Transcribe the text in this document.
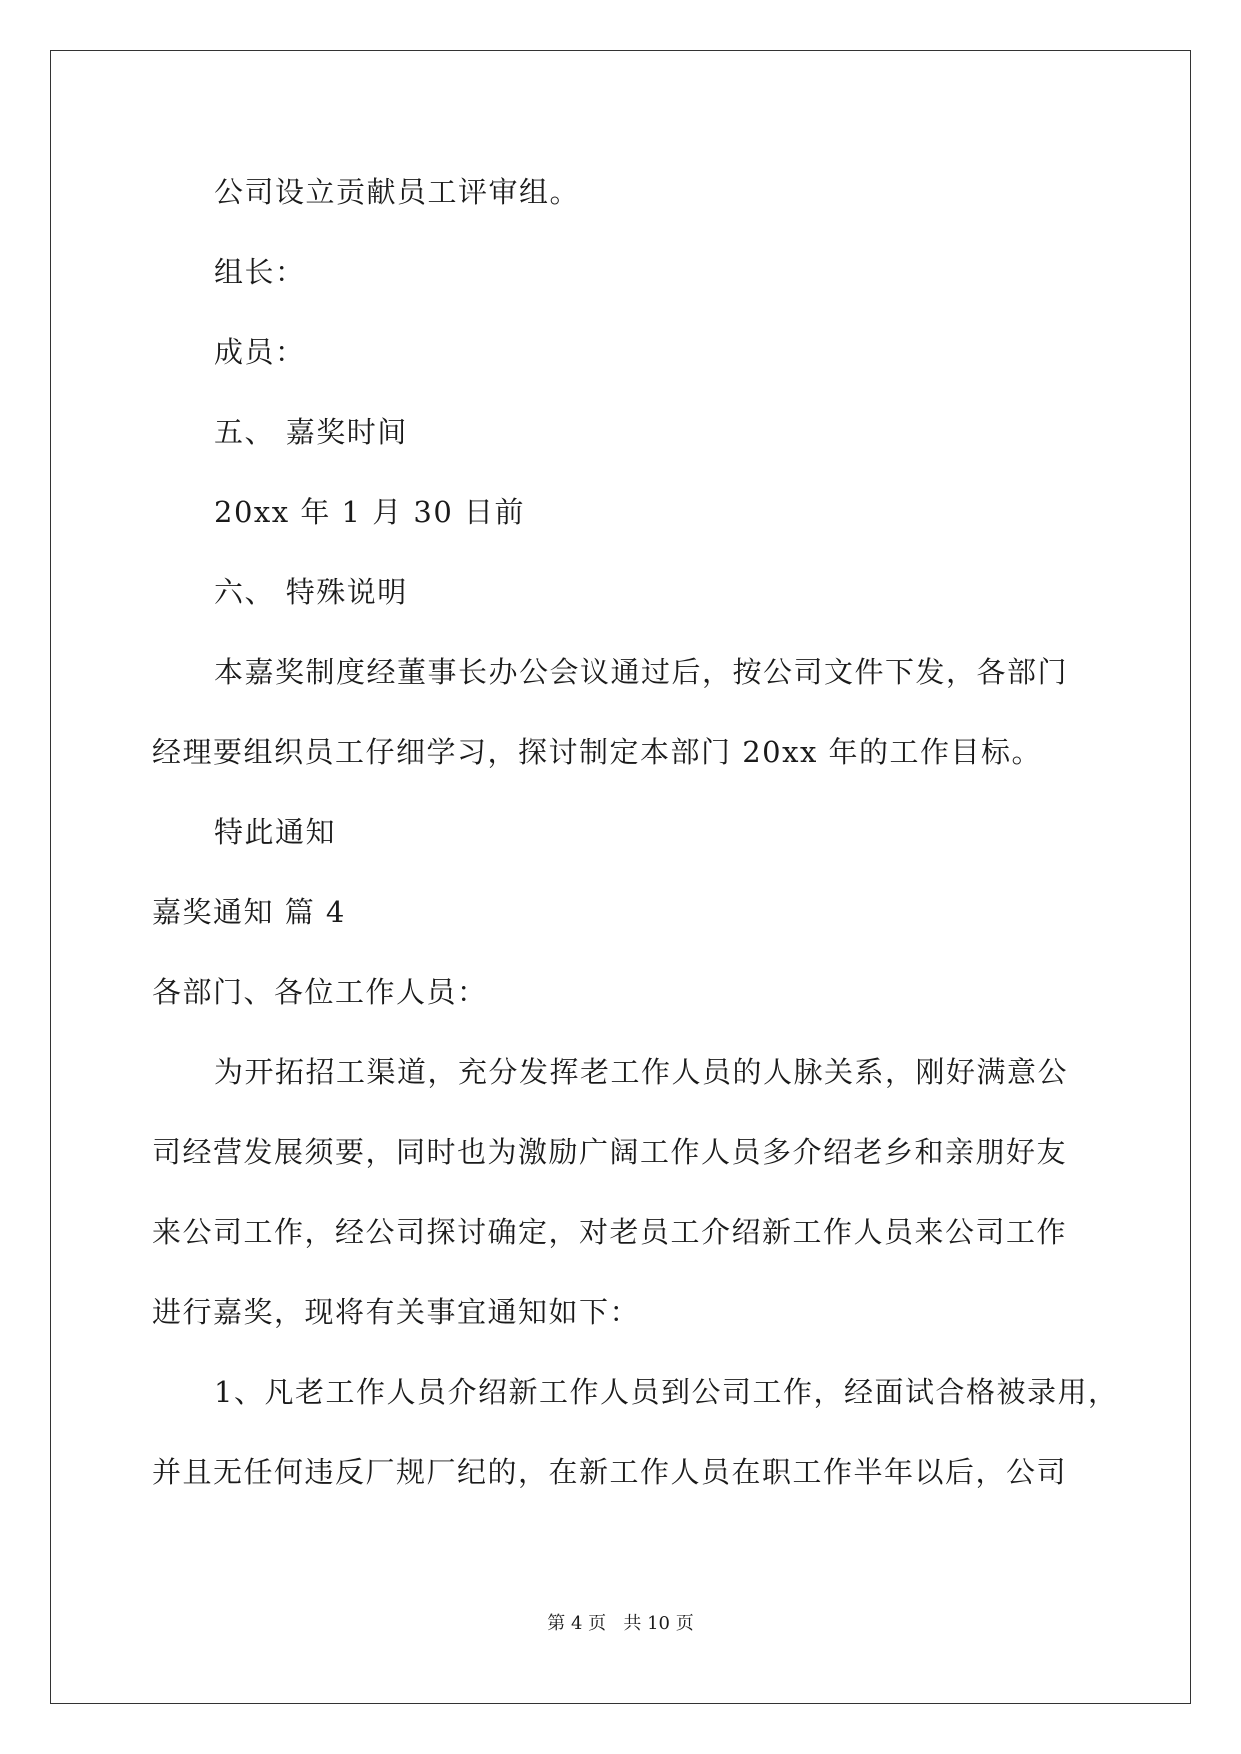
公司设立贡献员工评审组。
组长：
成员：
五、 嘉奖时间
20xx 年 1 月 30 日前
六、 特殊说明
本嘉奖制度经董事长办公会议通过后，按公司文件下发，各部门
经理要组织员工仔细学习，探讨制定本部门 20xx 年的工作目标。
特此通知
嘉奖通知 篇 4
各部门、各位工作人员：
为开拓招工渠道，充分发挥老工作人员的人脉关系，刚好满意公
司经营发展须要，同时也为激励广阔工作人员多介绍老乡和亲朋好友
来公司工作，经公司探讨确定，对老员工介绍新工作人员来公司工作
进行嘉奖，现将有关事宜通知如下：
1、凡老工作人员介绍新工作人员到公司工作，经面试合格被录用，
并且无任何违反厂规厂纪的，在新工作人员在职工作半年以后，公司
第 4 页   共 10 页
